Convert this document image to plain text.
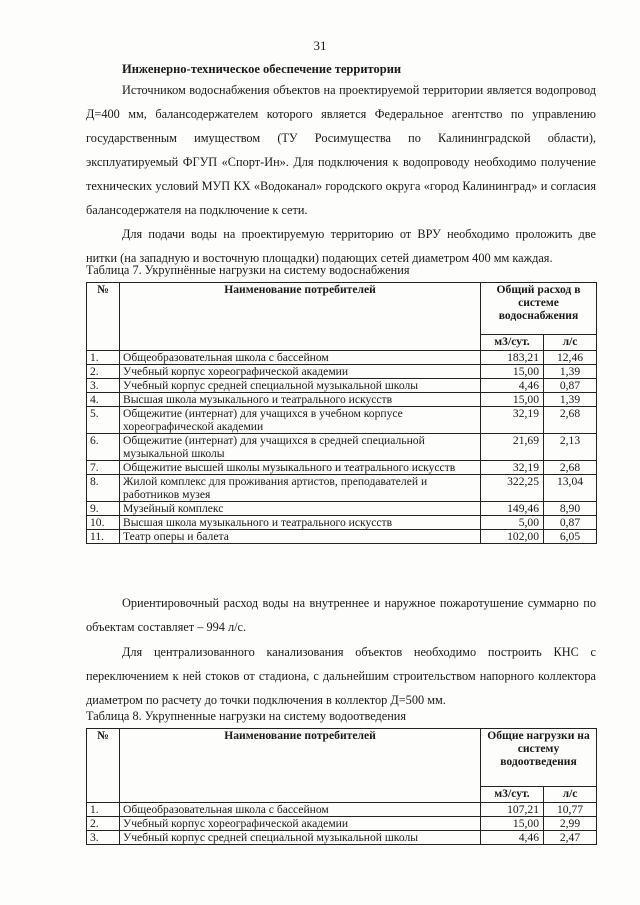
31
Инженерно-техническое обеспечение территории

Источником водоснабжения объектов на проектируемой территории является водопровод Д=400 мм, балансодержателем которого является Федеральное агентство по управлению государственным имуществом (ТУ Росимущества по Калининградской области), эксплуатируемый ФГУП «Спорт-Ин». Для подключения к водопроводу необходимо получение технических условий МУП КХ «Водоканал» городского округа «город Калининград» и согласия балансодержателя на подключение к сети.

Для подачи воды на проектируемую территорию от ВРУ необходимо проложить две нитки (на западную и восточную площадки) подающих сетей диаметром 400 мм каждая.

Таблица 7. Укрупнённые нагрузки на систему водоснабжения
№	Наименование потребителей	Общий расход в системе водоснабжения	
		м3/сут.	л/с
1.	Общеобразовательная школа с бассейном	183,21	12,46
2.	Учебный корпус хореографической академии	15,00	1,39
3.	Учебный корпус средней специальной музыкальной школы	4,46	0,87
4.	Высшая школа музыкального и театрального искусств	15,00	1,39
5.	Общежитие (интернат) для учащихся в учебном корпусе хореографической академии	32,19	2,68
6.	Общежитие (интернат) для учащихся в средней специальной музыкальной школы	21,69	2,13
7.	Общежитие высшей школы музыкального и театрального искусств	32,19	2,68
8.	Жилой комплекс для проживания артистов, преподавателей и работников музея	322,25	13,04
9.	Музейный комплекс	149,46	8,90
10.	Высшая школа музыкального и театрального искусств	5,00	0,87
11.	Театр оперы и балета	102,00	6,05

Ориентировочный расход воды на внутреннее и наружное пожаротушение суммарно по объектам составляет – 994 л/с.

Для централизованного канализования объектов необходимо построить КНС с переключением к ней стоков от стадиона, с дальнейшим строительством напорного коллектора диаметром по расчету до точки подключения в коллектор Д=500 мм.

Таблица 8. Укрупненные нагрузки на систему водоотведения
№	Наименование потребителей	Общие нагрузки на систему водоотведения	
		м3/сут.	л/с
1.	Общеобразовательная школа с бассейном	107,21	10,77
2.	Учебный корпус хореографической академии	15,00	2,99
3.	Учебный корпус средней специальной музыкальной школы	4,46	2,47
